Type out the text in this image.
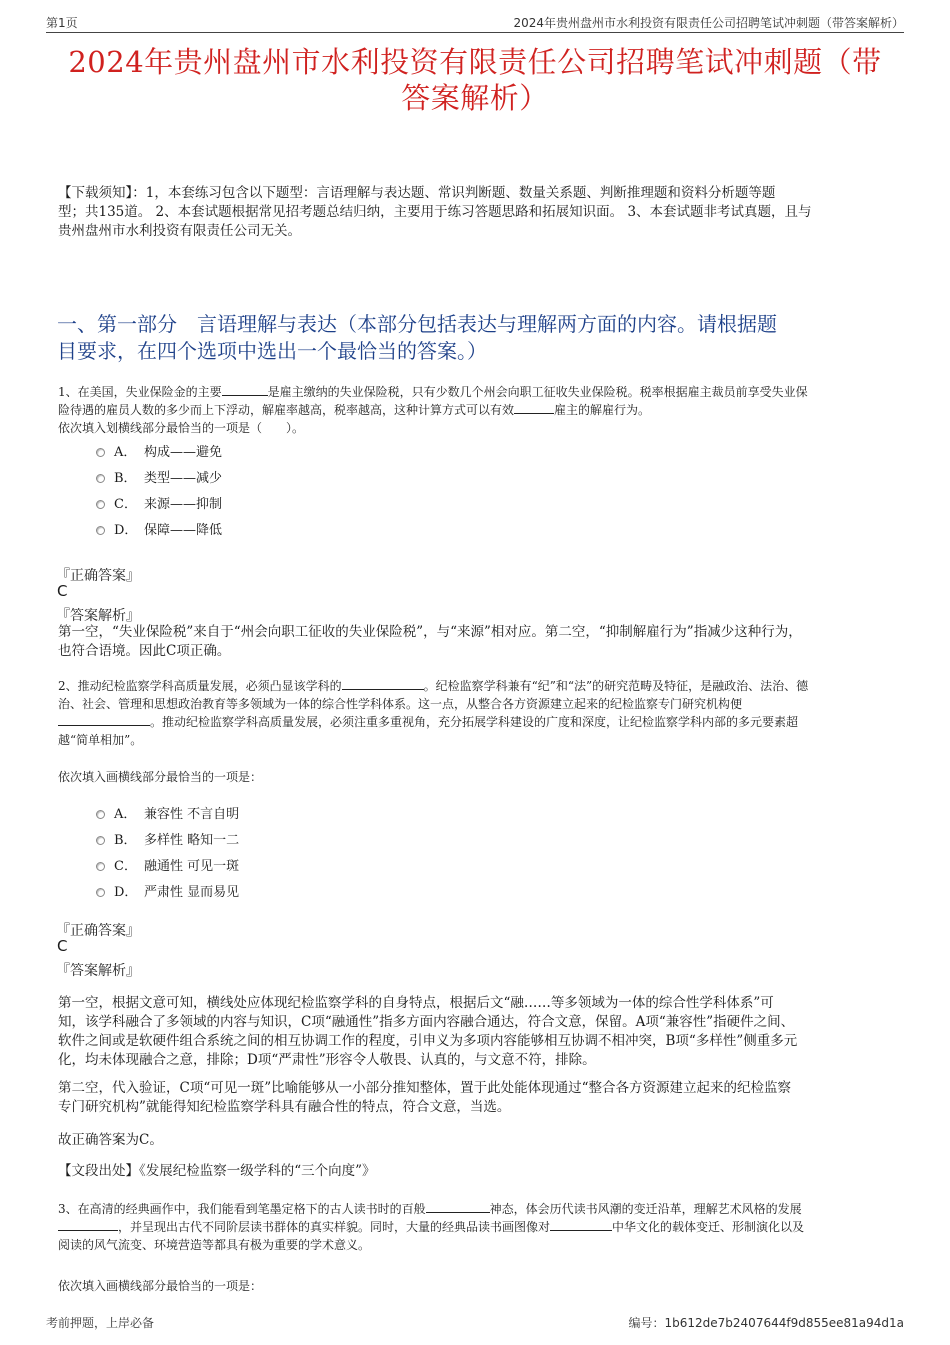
第1页	2024年贵州盘州市水利投资有限责任公司招聘笔试冲刺题（带答案解析）
2024年贵州盘州市水利投资有限责任公司招聘笔试冲刺题（带
答案解析）
【下载须知】：1，本套练习包含以下题型：言语理解与表达题、常识判断题、数量关系题、判断推理题和资料分析题等题
型；共135道。 2、本套试题根据常见招考题总结归纳，主要用于练习答题思路和拓展知识面。 3、本套试题非考试真题，且与
贵州盘州市水利投资有限责任公司无关。
一、第一部分　言语理解与表达（本部分包括表达与理解两方面的内容。请根据题
目要求，在四个选项中选出一个最恰当的答案。）
1、在美国，失业保险金的主要	是雇主缴纳的失业保险税，只有少数几个州会向职工征收失业保险税。税率根据雇主裁员前享受失业保
险待遇的雇员人数的多少而上下浮动，解雇率越高，税率越高，这种计算方式可以有效	雇主的解雇行为。
依次填入划横线部分最恰当的一项是（　　）。
A． 构成——避免
B． 类型——减少
C． 来源——抑制
D． 保障——降低
『正确答案』
C
『答案解析』
第一空，“失业保险税”来自于“州会向职工征收的失业保险税”，与“来源”相对应。第二空，“抑制解雇行为”指减少这种行为，
也符合语境。因此C项正确。
2、推动纪检监察学科高质量发展，必须凸显该学科的	。纪检监察学科兼有“纪”和“法”的研究范畴及特征，是融政治、法治、德
治、社会、管理和思想政治教育等多领域为一体的综合性学科体系。这一点，从整合各方资源建立起来的纪检监察专门研究机构便
。推动纪检监察学科高质量发展，必须注重多重视角，充分拓展学科建设的广度和深度，让纪检监察学科内部的多元要素超
越“简单相加”。
依次填入画横线部分最恰当的一项是：
A． 兼容性 不言自明
B． 多样性 略知一二
C． 融通性 可见一斑
D． 严肃性 显而易见
『正确答案』
C
『答案解析』
第一空，根据文意可知，横线处应体现纪检监察学科的自身特点，根据后文“融……等多领域为一体的综合性学科体系”可
知，该学科融合了多领域的内容与知识，C项“融通性”指多方面内容融合通达，符合文意，保留。A项“兼容性”指硬件之间、
软件之间或是软硬件组合系统之间的相互协调工作的程度，引申义为多项内容能够相互协调不相冲突，B项“多样性”侧重多元
化，均未体现融合之意，排除；D项“严肃性”形容令人敬畏、认真的，与文意不符，排除。
第二空，代入验证，C项“可见一斑”比喻能够从一小部分推知整体，置于此处能体现通过“整合各方资源建立起来的纪检监察
专门研究机构”就能得知纪检监察学科具有融合性的特点，符合文意，当选。
故正确答案为C。
【文段出处】《发展纪检监察一级学科的“三个向度”》
3、在高清的经典画作中，我们能看到笔墨定格下的古人读书时的百般	神态，体会历代读书风潮的变迁沿革，理解艺术风格的发展
，并呈现出古代不同阶层读书群体的真实样貌。同时，大量的经典品读书画图像对	中华文化的载体变迁、形制演化以及
阅读的风气流变、环境营造等都具有极为重要的学术意义。
依次填入画横线部分最恰当的一项是：
考前押题，上岸必备	编号：1b612de7b2407644f9d855ee81a94d1a
